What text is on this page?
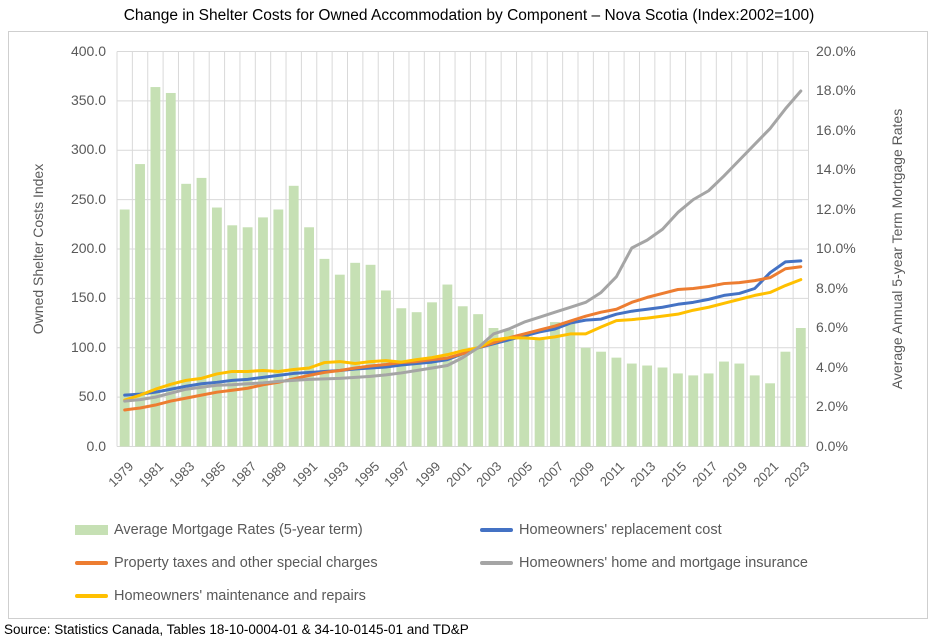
Change in Shelter Costs for Owned Accommodation by Component – Nova Scotia (Index:2002=100)
400.0
350.0
300.0
250.0
200.0
150.0
100.0
50.0
0.0
20.0%
18.0%
16.0%
14.0%
12.0%
10.0%
8.0%
6.0%
4.0%
2.0%
0.0%
1979 1981 1983 1985 1987 1989 1991 1993 1995 1997 1999 2001 2003 2005 2007 2009 2011 2013 2015 2017 2019 2021 2023
Owned Shelter Costs Index	Average Annual 5-year Term Mortgage Rates
Average Mortgage Rates (5-year term)	Homeowners' replacement cost
Property taxes and other special charges	Homeowners' home and mortgage insurance
Homeowners' maintenance and repairs
Source: Statistics Canada, Tables 18-10-0004-01 & 34-10-0145-01 and TD&P
